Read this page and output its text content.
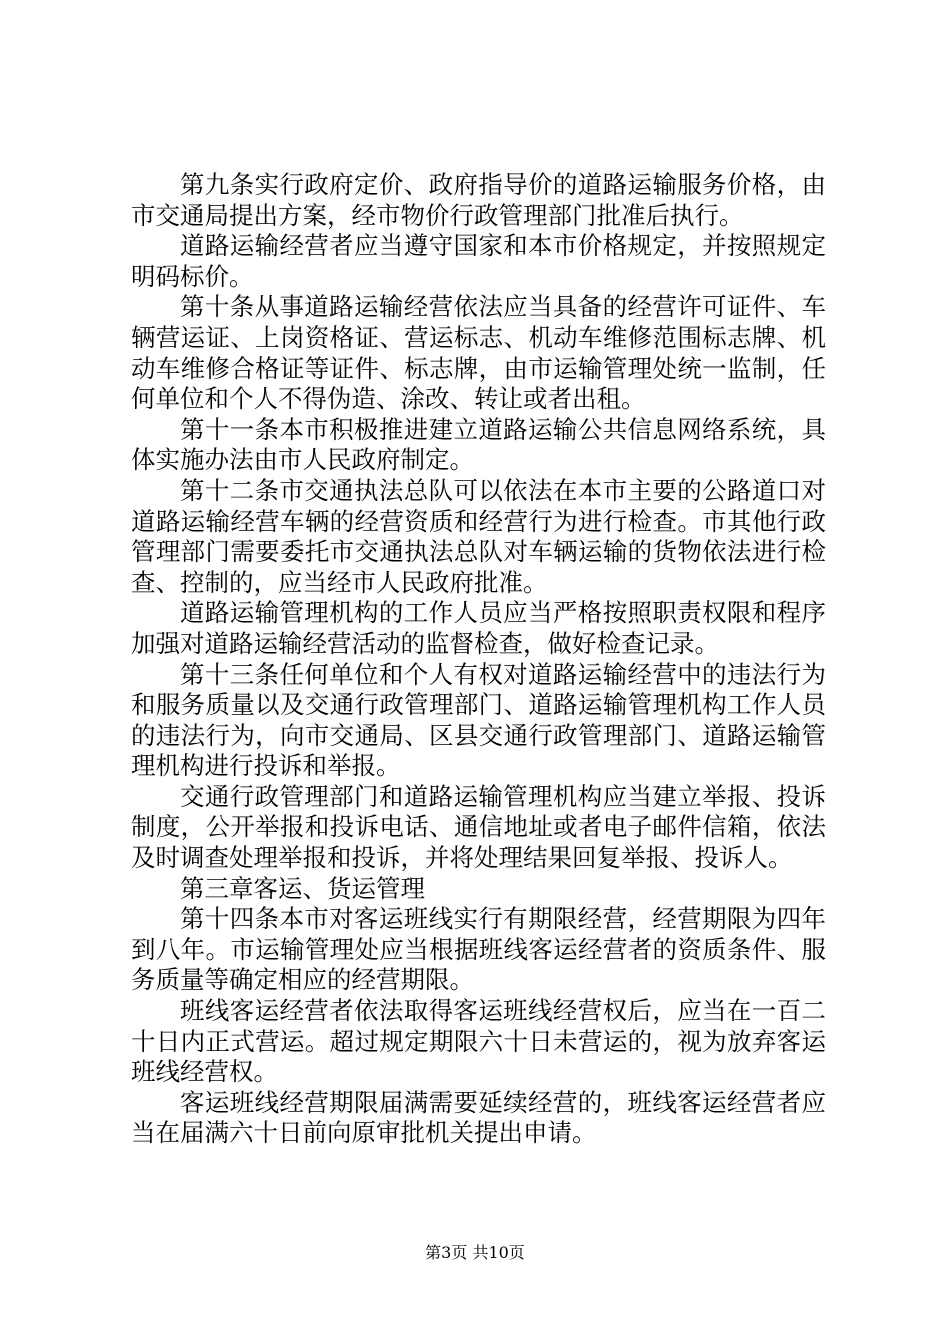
第九条实行政府定价、政府指导价的道路运输服务价格，由市交通局提出方案，经市物价行政管理部门批准后执行。

道路运输经营者应当遵守国家和本市价格规定，并按照规定明码标价。

第十条从事道路运输经营依法应当具备的经营许可证件、车辆营运证、上岗资格证、营运标志、机动车维修范围标志牌、机动车维修合格证等证件、标志牌，由市运输管理处统一监制，任何单位和个人不得伪造、涂改、转让或者出租。

第十一条本市积极推进建立道路运输公共信息网络系统，具体实施办法由市人民政府制定。

第十二条市交通执法总队可以依法在本市主要的公路道口对道路运输经营车辆的经营资质和经营行为进行检查。市其他行政管理部门需要委托市交通执法总队对车辆运输的货物依法进行检查、控制的，应当经市人民政府批准。

道路运输管理机构的工作人员应当严格按照职责权限和程序加强对道路运输经营活动的监督检查，做好检查记录。

第十三条任何单位和个人有权对道路运输经营中的违法行为和服务质量以及交通行政管理部门、道路运输管理机构工作人员的违法行为，向市交通局、区县交通行政管理部门、道路运输管理机构进行投诉和举报。

交通行政管理部门和道路运输管理机构应当建立举报、投诉制度，公开举报和投诉电话、通信地址或者电子邮件信箱，依法及时调查处理举报和投诉，并将处理结果回复举报、投诉人。

第三章客运、货运管理

第十四条本市对客运班线实行有期限经营，经营期限为四年到八年。市运输管理处应当根据班线客运经营者的资质条件、服务质量等确定相应的经营期限。

班线客运经营者依法取得客运班线经营权后，应当在一百二十日内正式营运。超过规定期限六十日未营运的，视为放弃客运班线经营权。

客运班线经营期限届满需要延续经营的，班线客运经营者应当在届满六十日前向原审批机关提出申请。

第3页 共10页
